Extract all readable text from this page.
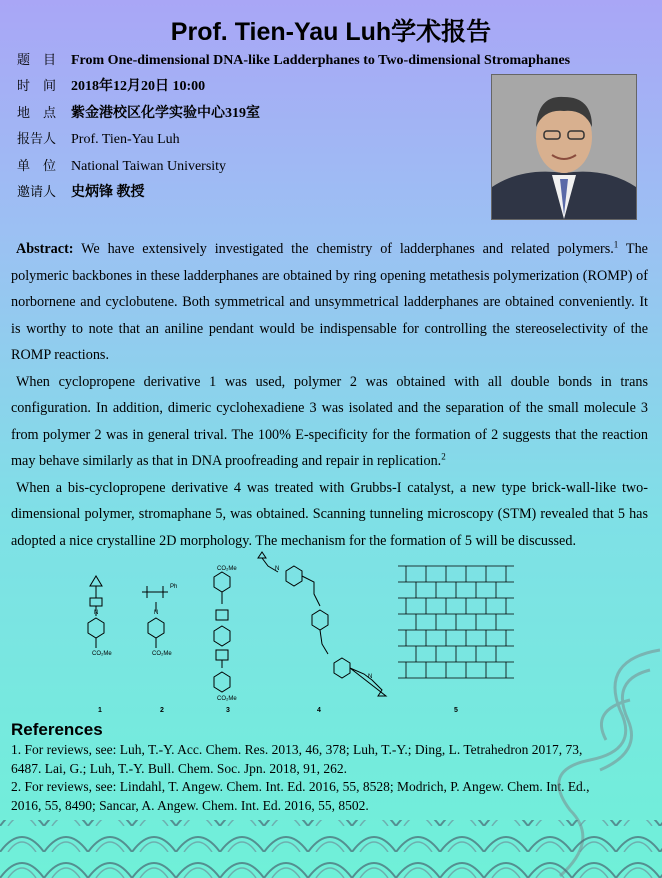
Prof. Tien-Yau Luh学术报告
题　目 From One-dimensional DNA-like Ladderphanes to Two-dimensional Stromaphanes
时　间 2018年12月20日 10:00
地　点 紫金港校区化学实验中心319室
报告人 Prof. Tien-Yau Luh
单　位 National Taiwan University
邀请人 史炳锋 教授

Abstract: We have extensively investigated the chemistry of ladderphanes and related polymers.$^1$ The polymeric backbones in these ladderphanes are obtained by ring opening metathesis polymerization (ROMP) of norbornene and cyclobutene. Both symmetrical and unsymmetrical ladderphanes are obtained conveniently. It is worthy to note that an aniline pendant would be indispensable for controlling the stereoselectivity of the ROMP reactions.

When cyclopropene derivative 1 was used, polymer 2 was obtained with all double bonds in trans configuration. In addition, dimeric cyclohexadiene 3 was isolated and the separation of the small molecule 3 from polymer 2 was in general trival. The 100% E-specificity for the formation of 2 suggests that the reaction may behave similarly as that in DNA proofreading and repair in replication.$^2$

When a bis-cyclopropene derivative 4 was treated with Grubbs-I catalyst, a new type brick-wall-like two-dimensional polymer, stromaphane 5, was obtained. Scanning tunneling microscopy (STM) revealed that 5 has adopted a nice crystalline 2D morphology. The mechanism for the formation of 5 will be discussed.

CO₂Me	CO₂Me
Ph
CO₂Me
CO₂Me
N	N
N
N
1	2	3	4	5
References

1. For reviews, see: Luh, T.-Y. Acc. Chem. Res. 2013, 46, 378; Luh, T.-Y.; Ding, L. Tetrahedron 2017, 73, 6487. Lai, G.; Luh, T.-Y. Bull. Chem. Soc. Jpn. 2018, 91, 262.

2. For reviews, see: Lindahl, T. Angew. Chem. Int. Ed. 2016, 55, 8528; Modrich, P. Angew. Chem. Int. Ed., 2016, 55, 8490; Sancar, A. Angew. Chem. Int. Ed. 2016, 55, 8502.
